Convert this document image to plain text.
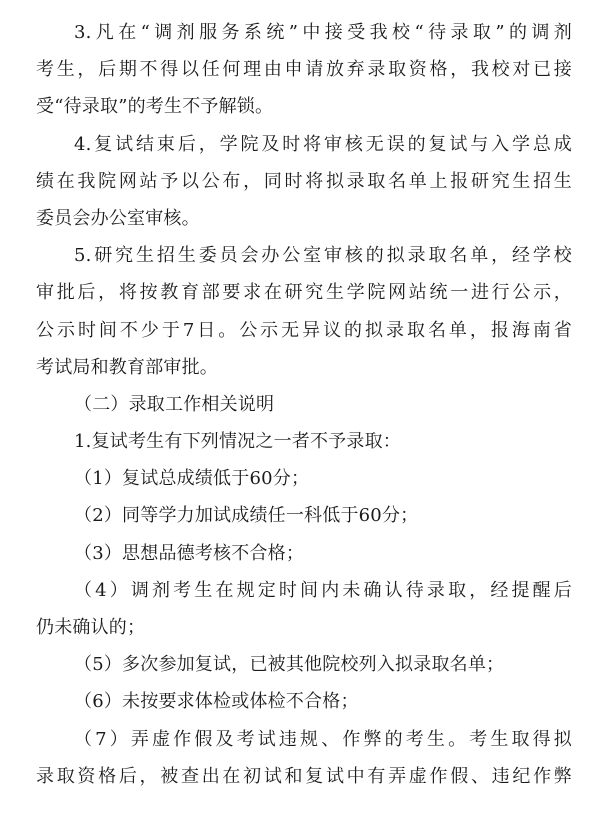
3.凡在“调剂服务系统”中接受我校“待录取”的调剂
考生，后期不得以任何理由申请放弃录取资格，我校对已接
受“待录取”的考生不予解锁。
4.复试结束后，学院及时将审核无误的复试与入学总成
绩在我院网站予以公布，同时将拟录取名单上报研究生招生
委员会办公室审核。
5.研究生招生委员会办公室审核的拟录取名单，经学校
审批后，将按教育部要求在研究生学院网站统一进行公示，
公示时间不少于7日。公示无异议的拟录取名单，报海南省
考试局和教育部审批。
（二）录取工作相关说明
1.复试考生有下列情况之一者不予录取：
（1）复试总成绩低于60分；
（2）同等学力加试成绩任一科低于60分；
（3）思想品德考核不合格；
（4）调剂考生在规定时间内未确认待录取，经提醒后
仍未确认的；
（5）多次参加复试，已被其他院校列入拟录取名单；
（6）未按要求体检或体检不合格；
（7）弄虚作假及考试违规、作弊的考生。考生取得拟
录取资格后，被查出在初试和复试中有弄虚作假、违纪作弊
